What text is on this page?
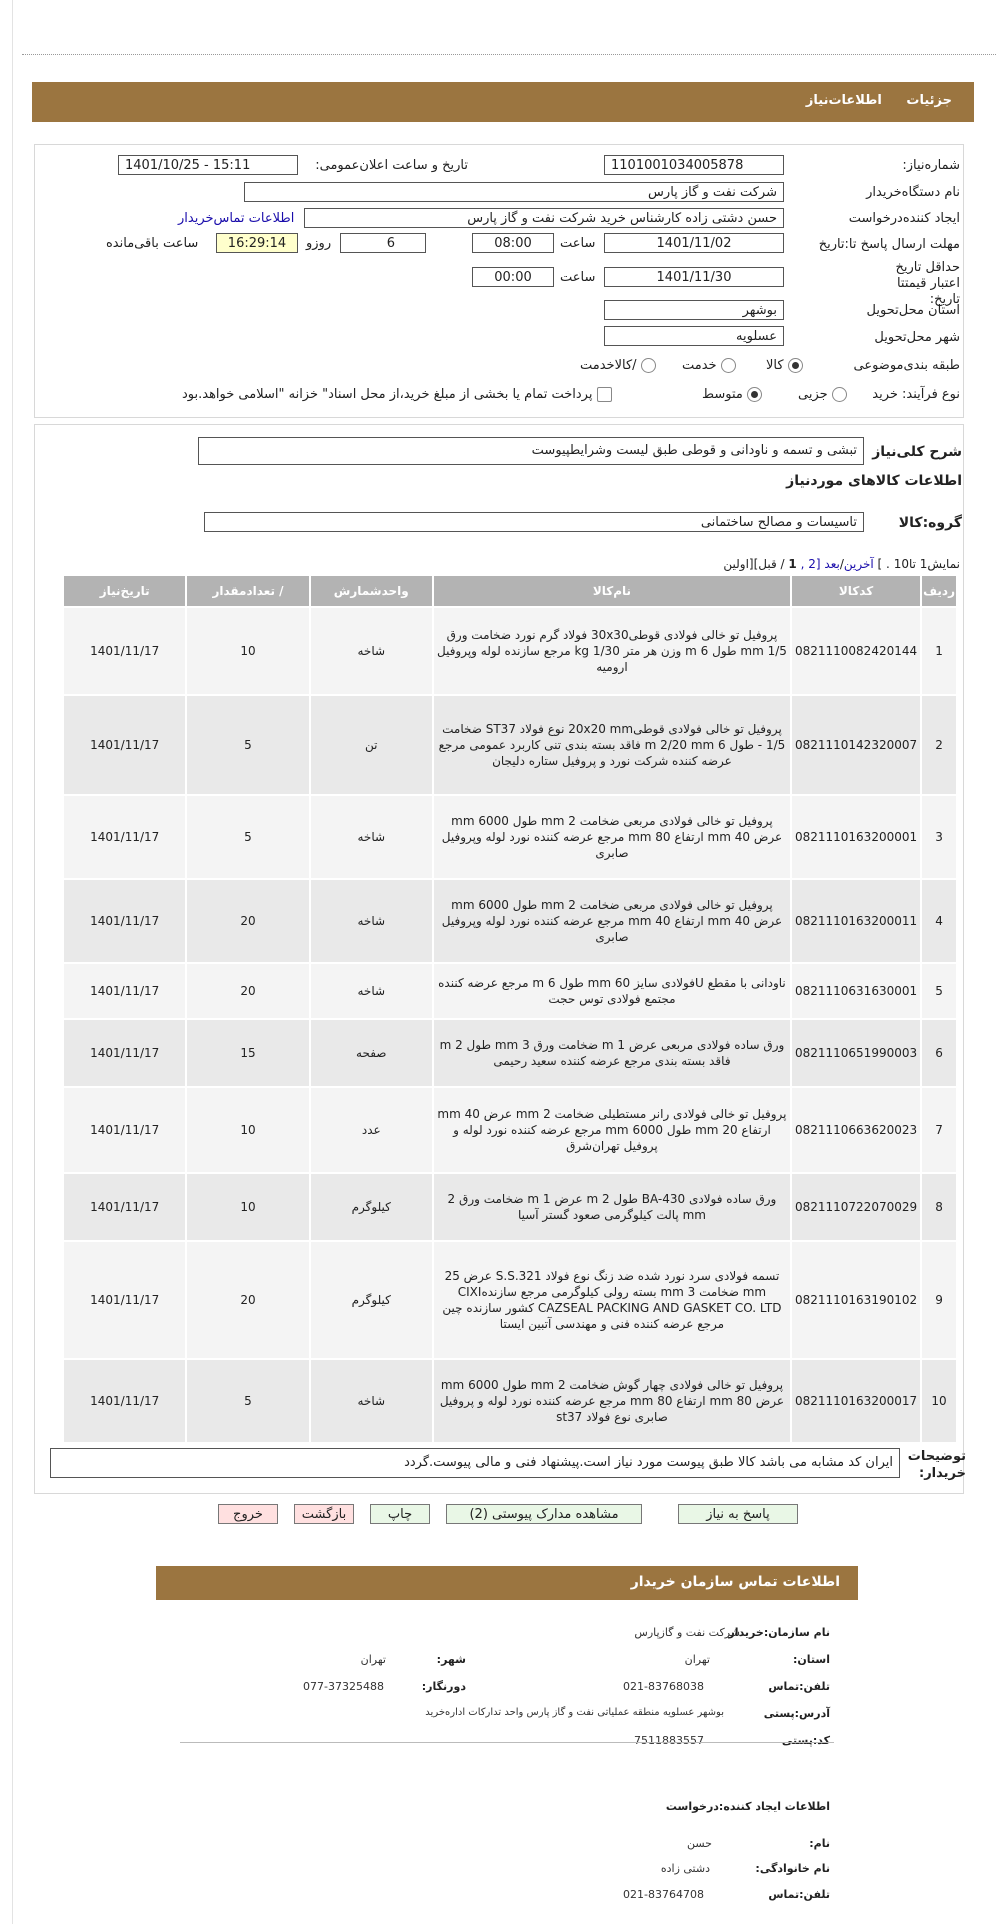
جزئیات اطلاعات‌نیاز
شماره‌نیاز:
1101001034005878
تاریخ و ساعت اعلان‌عمومی:
1401/10/25 - 15:11
نام دستگاه‌خریدار
شرکت نفت و گاز پارس
ایجاد کننده‌درخواست
حسن دشتی زاده کارشناس خرید شرکت نفت و گاز پارس
اطلاعات تماس‌خریدار
مهلت ارسال پاسخ تا:تاریخ
1401/11/02
ساعت
08:00
6
روزو
16:29:14
ساعت باقی‌مانده
حداقل تاریخ اعتبار قیمتتا تاریخ:
1401/11/30
ساعت
00:00
استان محل‌تحویل
بوشهر
شهر محل‌تحویل
عسلویه
طبقه بندی‌موضوعی
کالا
خدمت
/کالاخدمت
نوع فرآیند: خرید
جزیی
متوسط
پرداخت تمام یا بخشی از مبلغ خرید،از محل اسناد" خزانه "اسلامی خواهد.بود
شرح کلی‌نیاز
تبشی و تسمه و ناودانی و قوطی طبق لیست وشرایطپیوست
اطلاعات کالاهای موردنیاز
گروه:کالا
تاسیسات و مصالح ساختمانی
نمایش1 تا10 . ] آخرین/بعد [2 , 1 / قبل][اولین
ردیف	کدکالا	نام‌کالا	واحدشمارش	/ تعدادمقدار	تاریخ‌نیاز
1	0821110082420144	پروفیل تو خالی فولادی قوطی30x30 فولاد گرم نورد ضخامت ورق 1/5 mm طول 6 m وزن هر متر 1/30 kg مرجع سازنده لوله وپروفیل ارومیه	شاخه	10	1401/11/17
2	0821110142320007	پروفیل تو خالی فولادی قوطی20x20 mm نوع فولاد ST37 ضخامت 1/5 - طول 6 m 2/20 mm فاقد بسته بندی تنی کاربرد عمومی مرجع عرضه کننده شرکت نورد و پروفیل ستاره دلیجان	تن	5	1401/11/17
3	0821110163200001	پروفیل تو خالی فولادی مربعی ضخامت 2 mm طول 6000 mm عرض 40 mm ارتفاع 80 mm مرجع عرضه کننده نورد لوله وپروفیل صابری	شاخه	5	1401/11/17
4	0821110163200011	پروفیل تو خالی فولادی مربعی ضخامت 2 mm طول 6000 mm عرض 40 mm ارتفاع 40 mm مرجع عرضه کننده نورد لوله وپروفیل صابری	شاخه	20	1401/11/17
5	0821110631630001	ناودانی با مقطع Uفولادی سایز 60 mm طول 6 m مرجع عرضه کننده مجتمع فولادی توس حجت	شاخه	20	1401/11/17
6	0821110651990003	ورق ساده فولادی مربعی عرض 1 m ضخامت ورق 3 mm طول 2 m فاقد بسته بندی مرجع عرضه کننده سعید رحیمی	صفحه	15	1401/11/17
7	0821110663620023	پروفیل تو خالی فولادی رانر مستطیلی ضخامت 2 mm عرض 40 mm ارتفاع 20 mm طول 6000 mm مرجع عرضه کننده نورد لوله و پروفیل تهران‌شرق	عدد	10	1401/11/17
8	0821110722070029	ورق ساده فولادی BA-430 طول 2 m عرض 1 m ضخامت ورق 2 mm پالت کیلوگرمی صعود گستر آسیا	کیلوگرم	10	1401/11/17
9	0821110163190102	تسمه فولادی سرد نورد شده ضد زنگ نوع فولاد S.S.321 عرض 25 mm ضخامت 3 mm بسته رولی کیلوگرمی مرجع سازندهCIXI CAZSEAL PACKING AND GASKET CO. LTD کشور سازنده چین مرجع عرضه کننده فنی و مهندسی آتبین ایستا	کیلوگرم	20	1401/11/17
10	0821110163200017	پروفیل تو خالی فولادی چهار گوش ضخامت 2 mm طول 6000 mm عرض 80 mm ارتفاع 80 mm مرجع عرضه کننده نورد لوله و پروفیل صابری نوع فولاد st37	شاخه	5	1401/11/17
توضیحات خریدار:
ایران کد مشابه می باشد کالا طبق پیوست مورد نیاز است.پیشنهاد فنی و مالی پیوست.گردد
پاسخ به نیاز
مشاهده مدارک پیوستی (2)
چاپ
بازگشت
خروج
اطلاعات تماس سازمان‌ خریدار
نام سازمان:خریدار
شرکت نفت و گازپارس
استان:
تهران
شهر:
تهران
تلفن:تماس
021-83768038
دورنگار:
077-37325488
آدرس:پستی
بوشهر عسلویه منطقه عملیاتی نفت و گاز پارس واحد تدارکات اداره‌خرید
کد:پستی
7511883557
اطلاعات ایجاد کننده:درخواست
نام:
حسن
نام خانوادگی:
دشتی زاده
تلفن:تماس
021-83764708
